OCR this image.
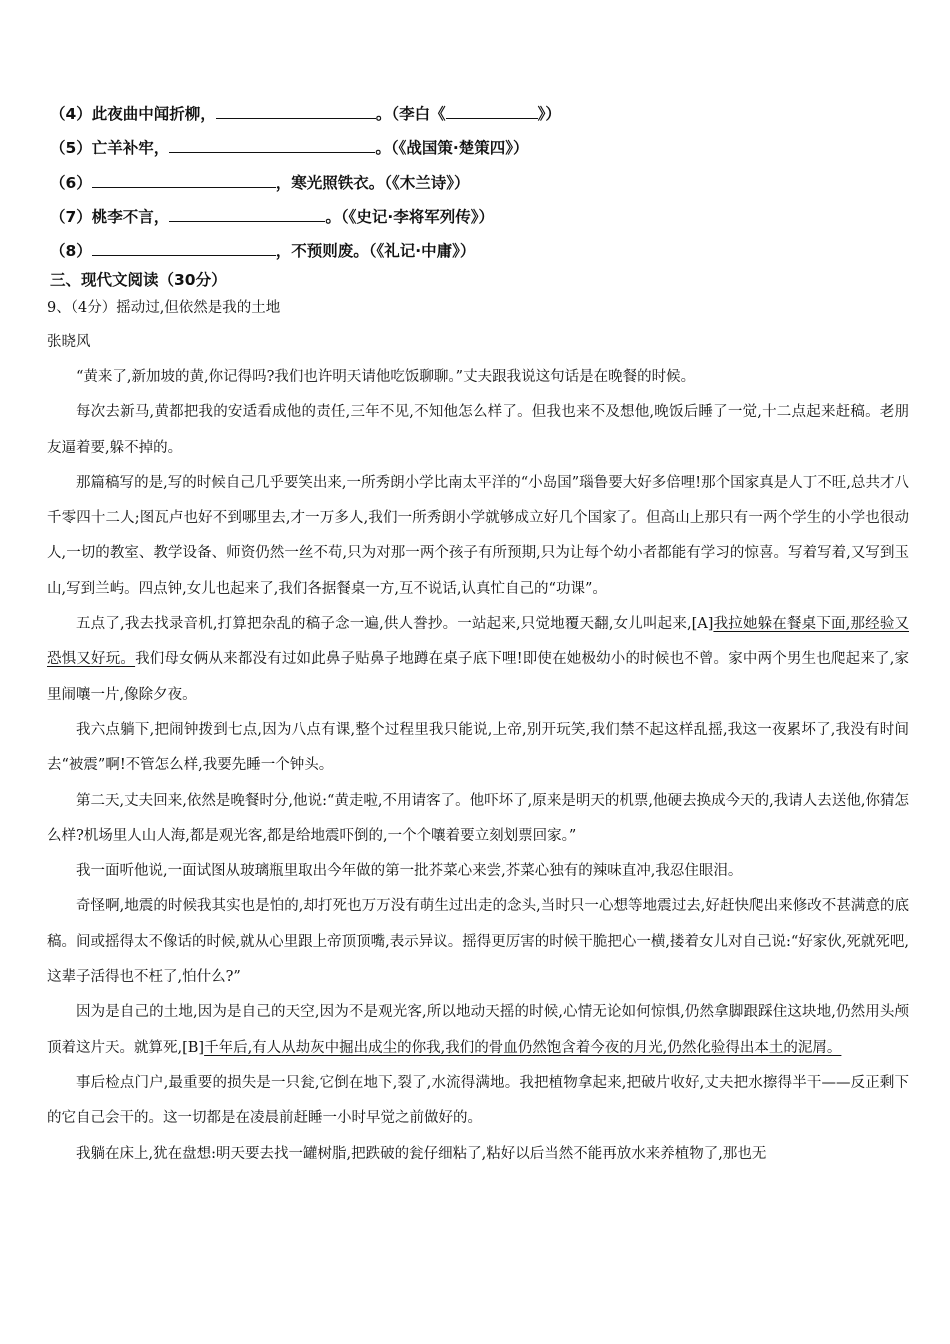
（4）此夜曲中闻折柳，	。（李白《	》）
（5）亡羊补牢，	。（《战国策·楚策四》）
（6）	，寒光照铁衣。（《木兰诗》）
（7）桃李不言，	。（《史记·李将军列传》）
（8）	，不预则废。（《礼记·中庸》）
三、现代文阅读（30分）
9、（4分）摇动过,但依然是我的土地
张晓风

“黄来了,新加坡的黄,你记得吗?我们也许明天请他吃饭聊聊。”丈夫跟我说这句话是在晚餐的时候。

每次去新马,黄都把我的安适看成他的责任,三年不见,不知他怎么样了。但我也来不及想他,晚饭后睡了一觉,十二点起来赶稿。老朋友逼着要,躲不掉的。

那篇稿写的是,写的时候自己几乎要笑出来,一所秀朗小学比南太平洋的“小岛国”瑙鲁要大好多倍哩!那个国家真是人丁不旺,总共才八千零四十二人;图瓦卢也好不到哪里去,才一万多人,我们一所秀朗小学就够成立好几个国家了。但高山上那只有一两个学生的小学也很动人,一切的教室、教学设备、师资仍然一丝不苟,只为对那一两个孩子有所预期,只为让每个幼小者都能有学习的惊喜。写着写着,又写到玉山,写到兰屿。四点钟,女儿也起来了,我们各据餐桌一方,互不说话,认真忙自己的“功课”。

五点了,我去找录音机,打算把杂乱的稿子念一遍,供人誊抄。一站起来,只觉地覆天翻,女儿叫起来,[A]我拉她躲在餐桌下面,那经验又恐惧又好玩。我们母女俩从来都没有过如此鼻子贴鼻子地蹲在桌子底下哩!即使在她极幼小的时候也不曾。家中两个男生也爬起来了,家里闹嚷一片,像除夕夜。

我六点躺下,把闹钟拨到七点,因为八点有课,整个过程里我只能说,上帝,别开玩笑,我们禁不起这样乱摇,我这一夜累坏了,我没有时间去“被震”啊!不管怎么样,我要先睡一个钟头。

第二天,丈夫回来,依然是晚餐时分,他说:“黄走啦,不用请客了。他吓坏了,原来是明天的机票,他硬去换成今天的,我请人去送他,你猜怎么样?机场里人山人海,都是观光客,都是给地震吓倒的,一个个嚷着要立刻划票回家。”

我一面听他说,一面试图从玻璃瓶里取出今年做的第一批芥菜心来尝,芥菜心独有的辣味直冲,我忍住眼泪。

奇怪啊,地震的时候我其实也是怕的,却打死也万万没有萌生过出走的念头,当时只一心想等地震过去,好赶快爬出来修改不甚满意的底稿。间或摇得太不像话的时候,就从心里跟上帝顶顶嘴,表示异议。摇得更厉害的时候干脆把心一横,搂着女儿对自己说:“好家伙,死就死吧,这辈子活得也不枉了,怕什么?”

因为是自己的土地,因为是自己的天空,因为不是观光客,所以地动天摇的时候,心情无论如何惊惧,仍然拿脚跟踩住这块地,仍然用头颅顶着这片天。就算死,[B]千年后,有人从劫灰中掘出成尘的你我,我们的骨血仍然饱含着今夜的月光,仍然化验得出本土的泥屑。

事后检点门户,最重要的损失是一只瓮,它倒在地下,裂了,水流得满地。我把植物拿起来,把破片收好,丈夫把水擦得半干——反正剩下的它自己会干的。这一切都是在凌晨前赶睡一小时早觉之前做好的。

我躺在床上,犹在盘想:明天要去找一罐树脂,把跌破的瓮仔细粘了,粘好以后当然不能再放水来养植物了,那也无
